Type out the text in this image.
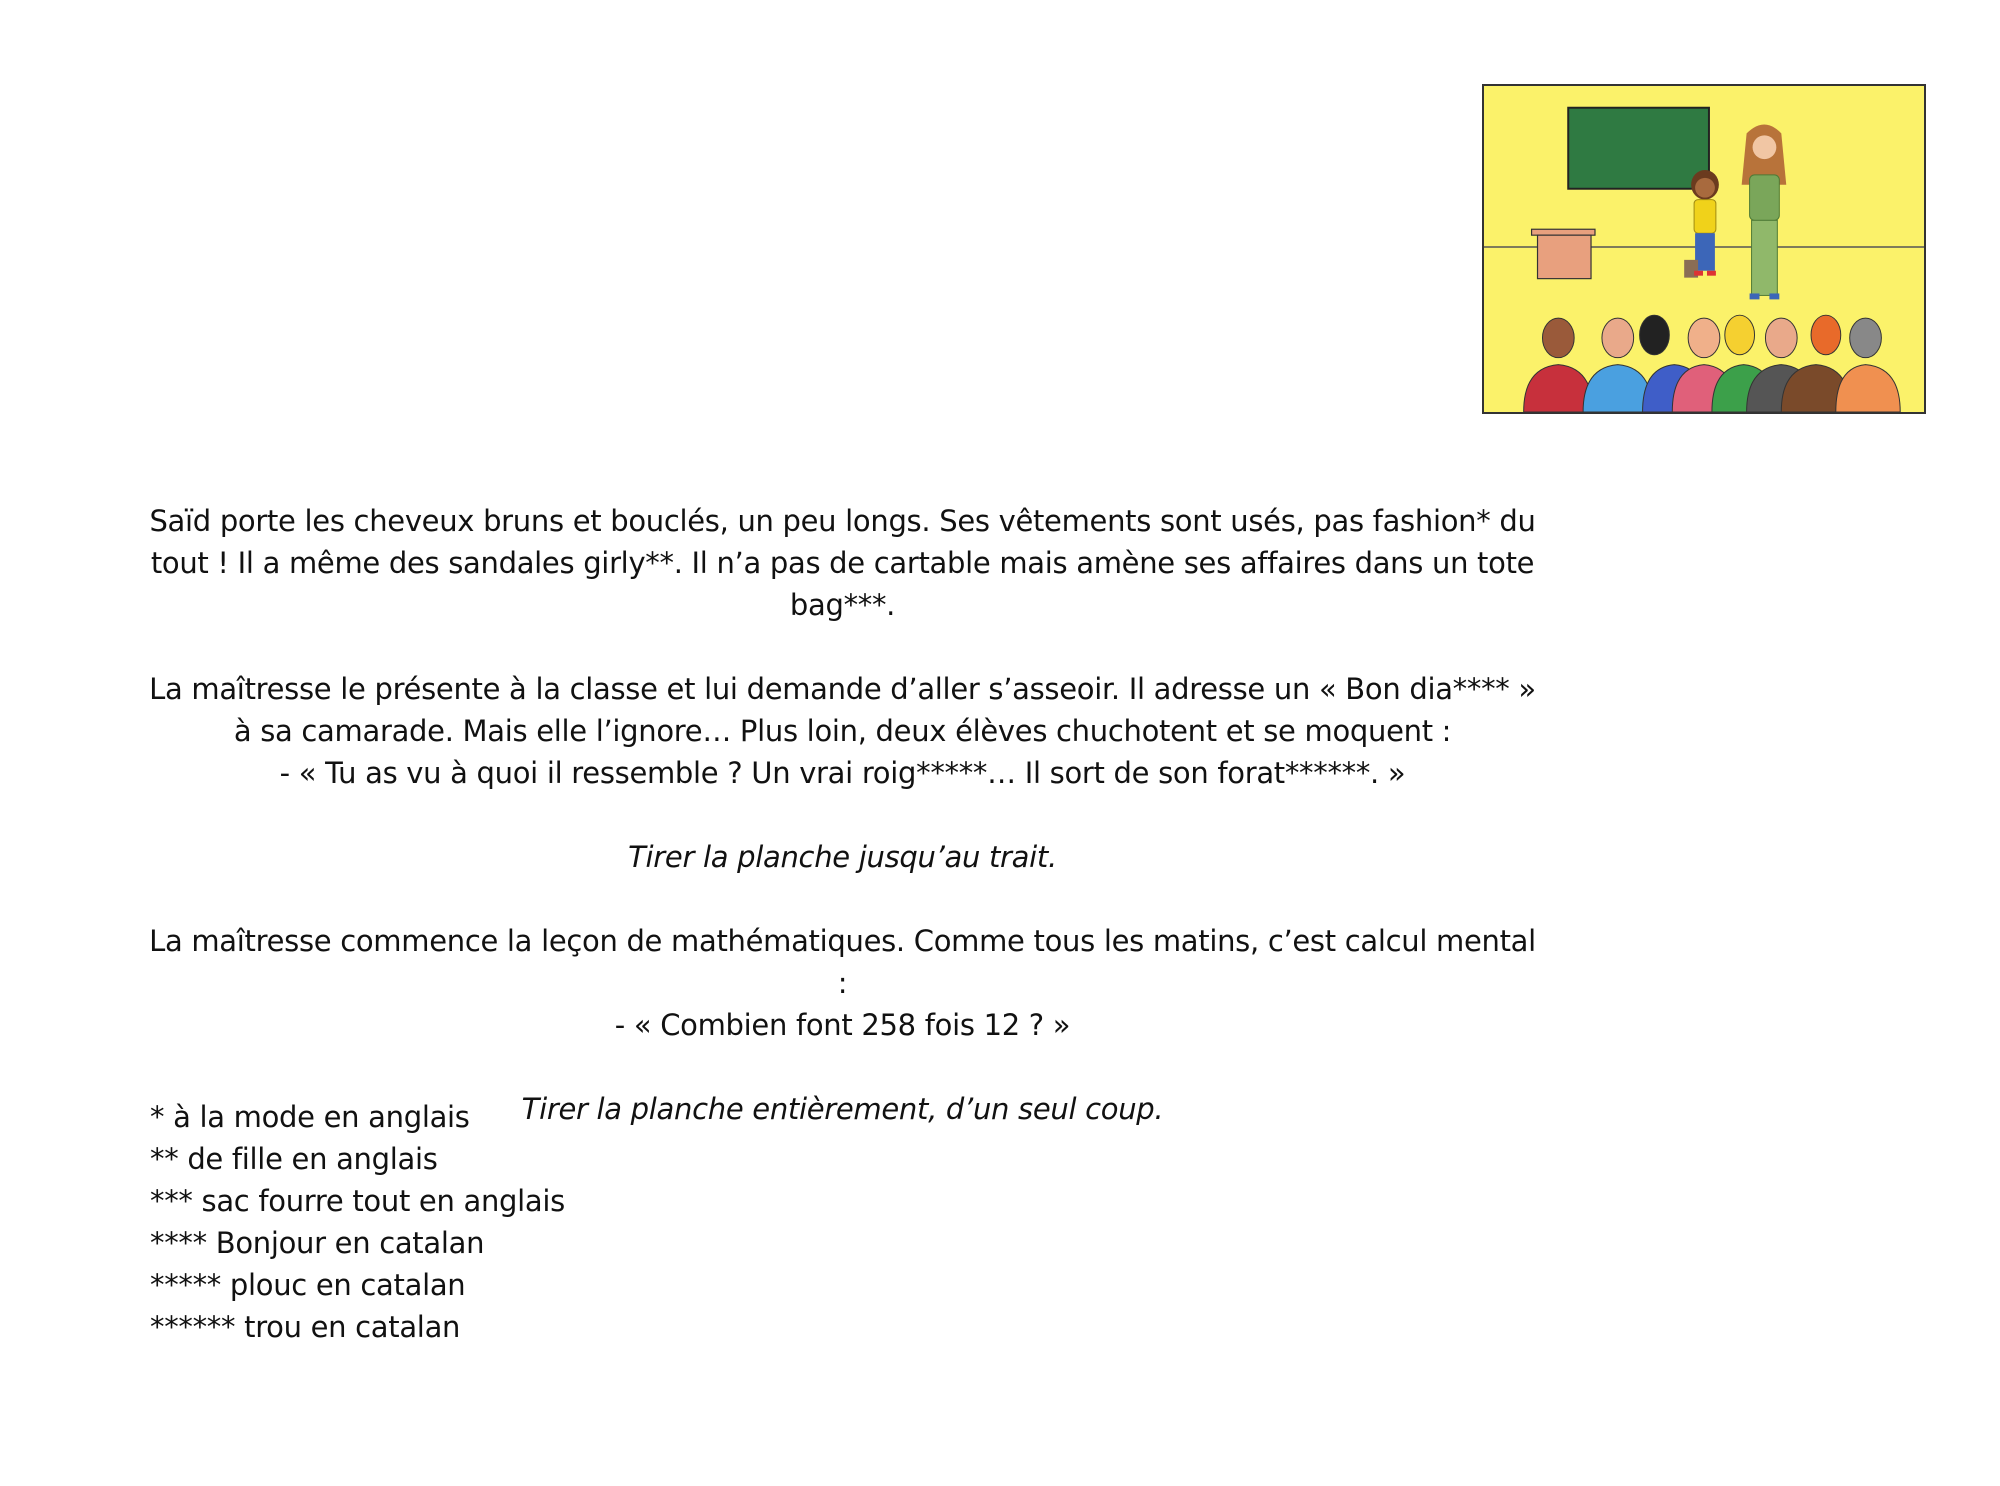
Saïd porte les cheveux bruns et bouclés, un peu longs. Ses vêtements sont usés, pas fashion* du

tout ! Il a même des sandales girly**. Il n’a pas de cartable mais amène ses affaires dans un tote

bag***.

La maîtresse le présente à la classe et lui demande d’aller s’asseoir. Il adresse un « Bon dia**** »

à sa camarade. Mais elle l’ignore… Plus loin, deux élèves chuchotent et se moquent :

- « Tu as vu à quoi il ressemble ? Un vrai roig*****… Il sort de son forat******. »

Tirer la planche jusqu’au trait.

La maîtresse commence la leçon de mathématiques. Comme tous les matins, c’est calcul mental :

- « Combien font 258 fois 12 ? »

Tirer la planche entièrement, d’un seul coup.

* à la mode en anglais
** de fille en anglais
*** sac fourre tout en anglais
**** Bonjour en catalan
***** plouc en catalan
****** trou en catalan
